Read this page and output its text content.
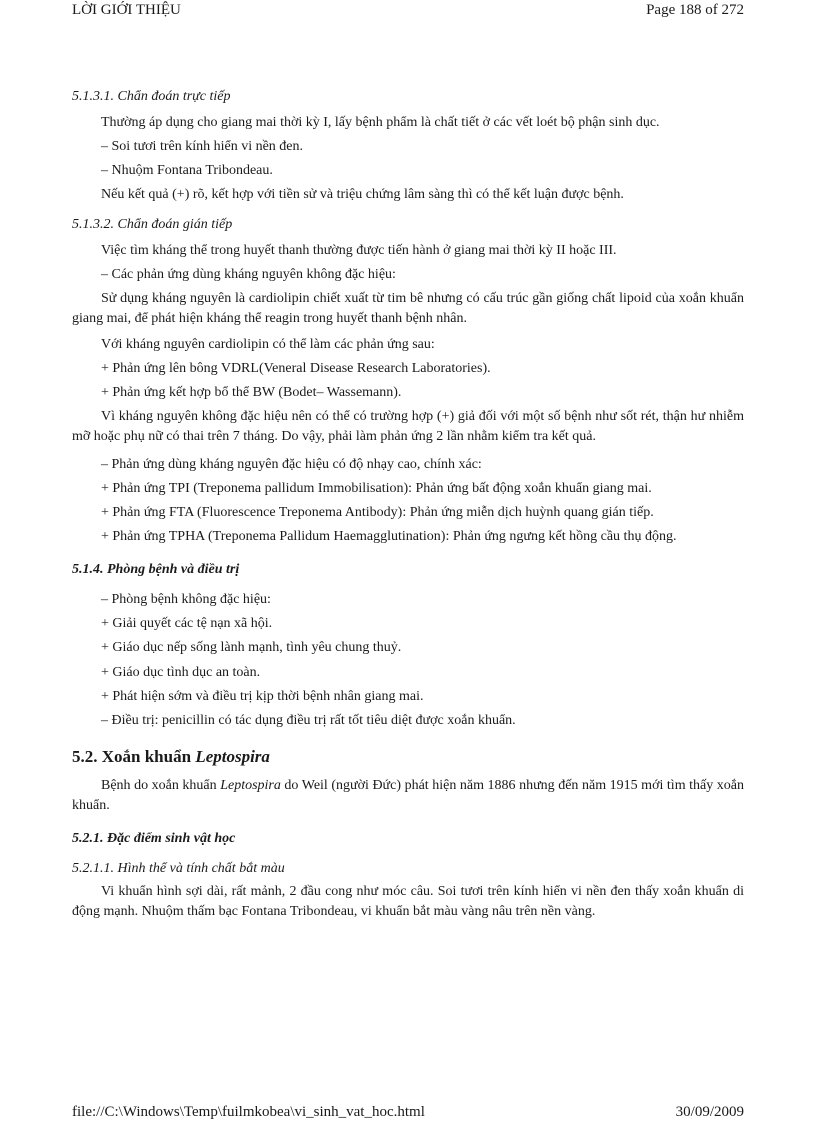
LỜI GIỚI THIỆU	Page 188 of 272
5.1.3.1. Chẩn đoán trực tiếp
Thường áp dụng cho giang mai thời kỳ I, lấy bệnh phẩm là chất tiết ở các vết loét bộ phận sinh dục.
– Soi tươi trên kính hiển vi nền đen.
– Nhuộm Fontana Tribondeau.
Nếu kết quả (+) rõ, kết hợp với tiền sử và triệu chứng lâm sàng thì có thể kết luận được bệnh.
5.1.3.2. Chẩn đoán gián tiếp
Việc tìm kháng thể trong huyết thanh thường được tiến hành ở giang mai thời kỳ II hoặc III.
– Các phản ứng dùng kháng nguyên không đặc hiệu:
Sử dụng kháng nguyên là cardiolipin chiết xuất từ tim bê nhưng có cấu trúc gần giống chất lipoid của xoắn khuẩn giang mai, để phát hiện kháng thể reagin trong huyết thanh bệnh nhân.
Với kháng nguyên cardiolipin có thể làm các phản ứng sau:
+ Phản ứng lên bông VDRL(Veneral Disease Research Laboratories).
+ Phản ứng kết hợp bổ thể BW (Bodet– Wassemann).
Vì kháng nguyên không đặc hiệu nên có thể có trường hợp (+) giả đối với một số bệnh như sốt rét, thận hư nhiễm mỡ hoặc phụ nữ có thai trên 7 tháng. Do vậy, phải làm phản ứng 2 lần nhằm kiểm tra kết quả.
– Phản ứng dùng kháng nguyên đặc hiệu có độ nhạy cao, chính xác:
+ Phản ứng TPI (Treponema pallidum Immobilisation): Phản ứng bất động xoắn khuẩn giang mai.
+ Phản ứng FTA (Fluorescence Treponema Antibody): Phản ứng miễn dịch huỳnh quang gián tiếp.
+ Phản ứng TPHA (Treponema Pallidum Haemagglutination): Phản ứng ngưng kết hồng cầu thụ động.
5.1.4. Phòng bệnh và điều trị
– Phòng bệnh không đặc hiệu:
+ Giải quyết các tệ nạn xã hội.
+ Giáo dục nếp sống lành mạnh, tình yêu chung thuỷ.
+ Giáo dục tình dục an toàn.
+ Phát hiện sớm và điều trị kịp thời bệnh nhân giang mai.
– Điều trị: penicillin có tác dụng điều trị rất tốt tiêu diệt được xoắn khuẩn.
5.2. Xoắn khuẩn Leptospira
Bệnh do xoắn khuẩn Leptospira do Weil (người Đức) phát hiện năm 1886 nhưng đến năm 1915 mới tìm thấy xoắn khuẩn.
5.2.1. Đặc điểm sinh vật học
5.2.1.1. Hình thể và tính chất bắt màu
Vi khuẩn hình sợi dài, rất mảnh, 2 đầu cong như móc câu. Soi tươi trên kính hiển vi nền đen thấy xoắn khuẩn di động mạnh. Nhuộm thấm bạc Fontana Tribondeau, vi khuẩn bắt màu vàng nâu trên nền vàng.
file://C:\Windows\Temp\fuilmkobea\vi_sinh_vat_hoc.html	30/09/2009
